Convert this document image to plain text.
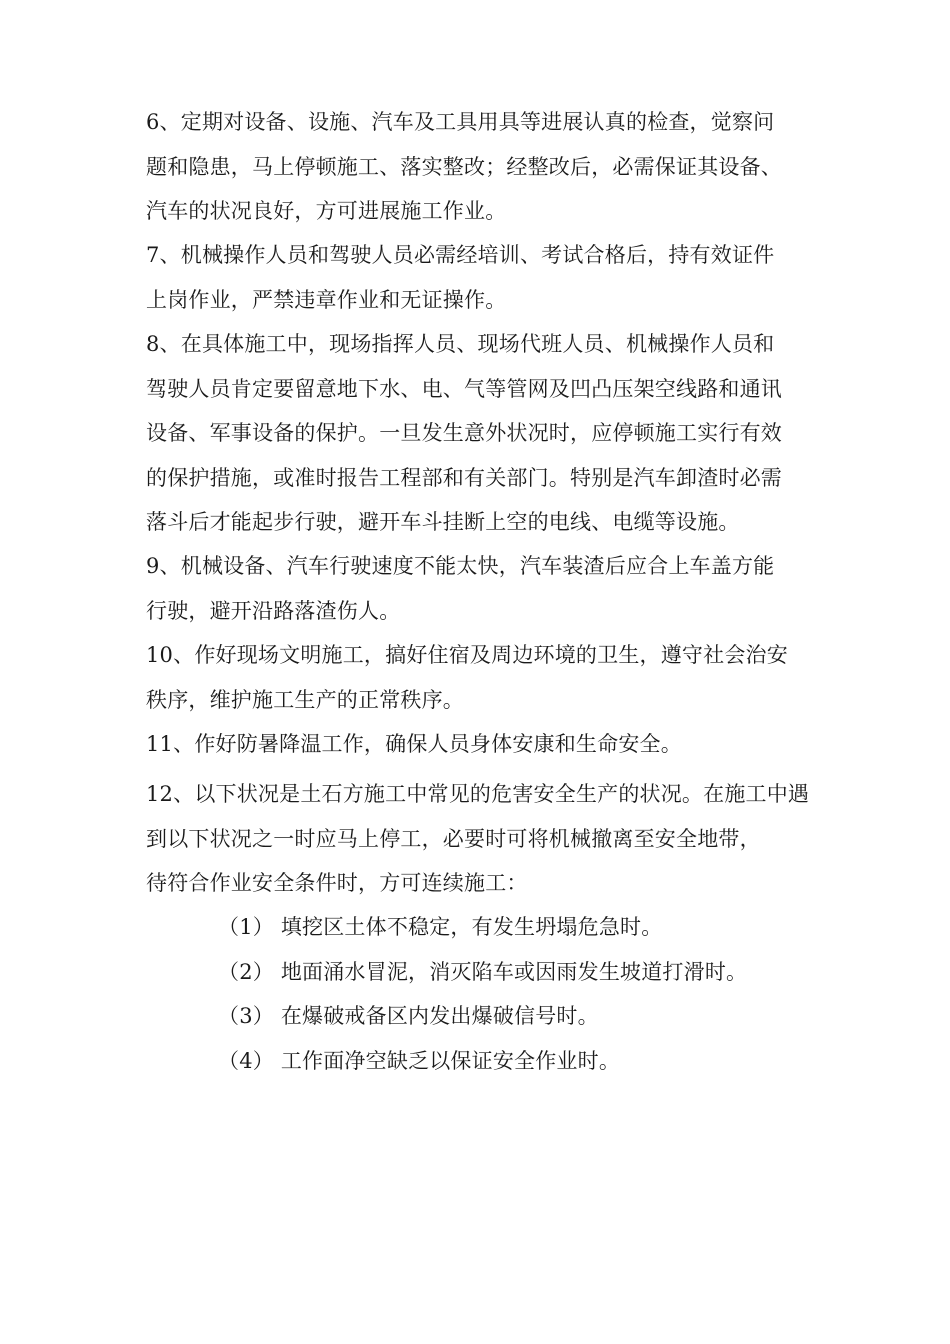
6、定期对设备、设施、汽车及工具用具等进展认真的检查，觉察问
题和隐患，马上停顿施工、落实整改；经整改后，必需保证其设备、
汽车的状况良好，方可进展施工作业。
7、机械操作人员和驾驶人员必需经培训、考试合格后，持有效证件
上岗作业，严禁违章作业和无证操作。
8、在具体施工中，现场指挥人员、现场代班人员、机械操作人员和
驾驶人员肯定要留意地下水、电、气等管网及凹凸压架空线路和通讯
设备、军事设备的保护。一旦发生意外状况时，应停顿施工实行有效
的保护措施，或准时报告工程部和有关部门。特别是汽车卸渣时必需
落斗后才能起步行驶，避开车斗挂断上空的电线、电缆等设施。
9、机械设备、汽车行驶速度不能太快，汽车装渣后应合上车盖方能
行驶，避开沿路落渣伤人。
10、作好现场文明施工，搞好住宿及周边环境的卫生，遵守社会治安
秩序，维护施工生产的正常秩序。
11、作好防暑降温工作，确保人员身体安康和生命安全。
12、以下状况是土石方施工中常见的危害安全生产的状况。在施工中遇
到以下状况之一时应马上停工，必要时可将机械撤离至安全地带，
待符合作业安全条件时，方可连续施工：
（1） 填挖区土体不稳定，有发生坍塌危急时。
（2） 地面涌水冒泥，消灭陷车或因雨发生坡道打滑时。
（3） 在爆破戒备区内发出爆破信号时。
（4） 工作面净空缺乏以保证安全作业时。
